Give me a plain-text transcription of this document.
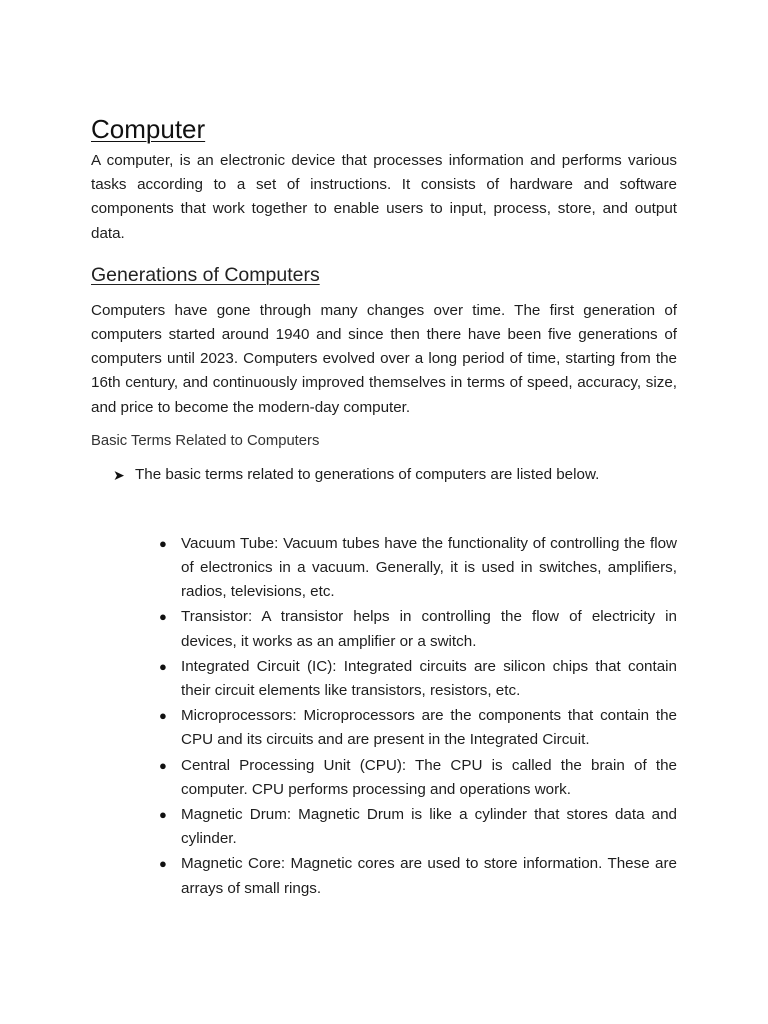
Computer

A computer, is an electronic device that processes information and performs various tasks according to a set of instructions. It consists of hardware and software components that work together to enable users to input, process, store, and output data.

Generations of Computers

Computers have gone through many changes over time. The first generation of computers started around 1940 and since then there have been five generations of computers until 2023. Computers evolved over a long period of time, starting from the 16th century, and continuously improved themselves in terms of speed, accuracy, size, and price to become the modern-day computer.

Basic Terms Related to Computers
➤ The basic terms related to generations of computers are listed below.
● Vacuum Tube: Vacuum tubes have the functionality of controlling the flow of electronics in a vacuum. Generally, it is used in switches, amplifiers, radios, televisions, etc.
● Transistor: A transistor helps in controlling the flow of electricity in devices, it works as an amplifier or a switch.
● Integrated Circuit (IC): Integrated circuits are silicon chips that contain their circuit elements like transistors, resistors, etc.
● Microprocessors: Microprocessors are the components that contain the CPU and its circuits and are present in the Integrated Circuit.
● Central Processing Unit (CPU): The CPU is called the brain of the computer. CPU performs processing and operations work.
● Magnetic Drum: Magnetic Drum is like a cylinder that stores data and cylinder.
● Magnetic Core: Magnetic cores are used to store information. These are arrays of small rings.
